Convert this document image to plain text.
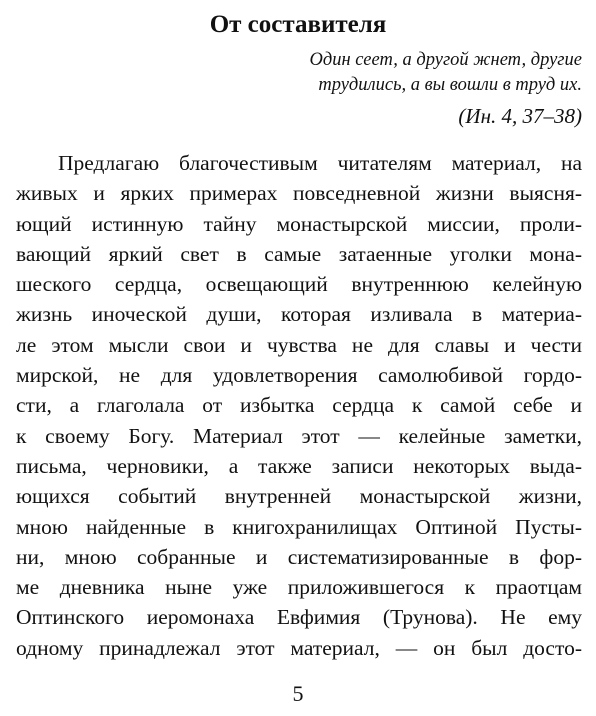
От составителя
Один сеет, а другой жнет, другие
трудились, а вы вошли в труд их.
(Ин. 4, 37–38)
Предлагаю благочестивым читателям материал, на
живых и ярких примерах повседневной жизни выясня-
ющий истинную тайну монастырской миссии, проли-
вающий яркий свет в самые затаенные уголки мона-
шеского сердца, освещающий внутреннюю келейную
жизнь иноческой души, которая изливала в материа-
ле этом мысли свои и чувства не для славы и чести
мирской, не для удовлетворения самолюбивой гордо-
сти, а глаголала от избытка сердца к самой себе и
к своему Богу. Материал этот — келейные заметки,
письма, черновики, а также записи некоторых выда-
ющихся событий внутренней монастырской жизни,
мною найденные в книгохранилищах Оптиной Пусты-
ни, мною собранные и систематизированные в фор-
ме дневника ныне уже приложившегося к праотцам
Оптинского иеромонаха Евфимия (Трунова). Не ему
одному принадлежал этот материал, — он был досто-
5
